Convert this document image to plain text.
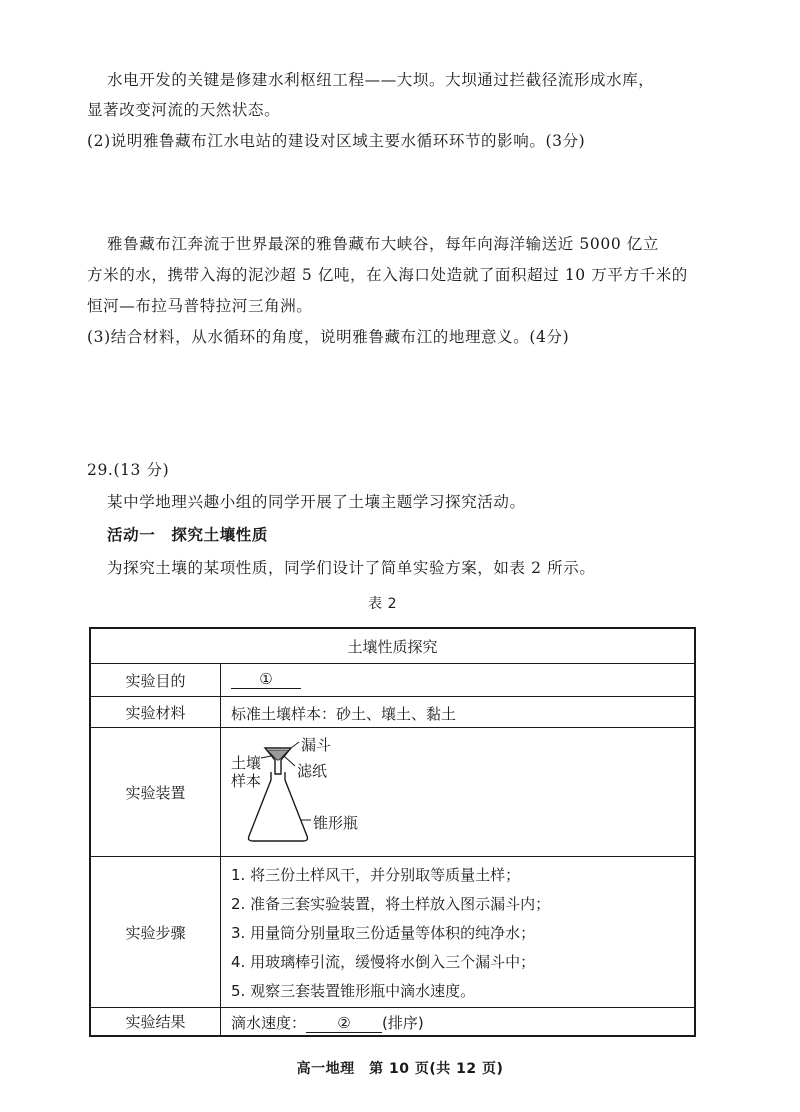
水电开发的关键是修建水利枢纽工程——大坝。大坝通过拦截径流形成水库，
显著改变河流的天然状态。
(2)说明雅鲁藏布江水电站的建设对区域主要水循环环节的影响。(3分)
雅鲁藏布江奔流于世界最深的雅鲁藏布大峡谷，每年向海洋输送近 5000 亿立
方米的水，携带入海的泥沙超 5 亿吨，在入海口处造就了面积超过 10 万平方千米的
恒河—布拉马普特拉河三角洲。
(3)结合材料，从水循环的角度，说明雅鲁藏布江的地理意义。(4分)
29.(13 分)
某中学地理兴趣小组的同学开展了土壤主题学习探究活动。
活动一　探究土壤性质
为探究土壤的某项性质，同学们设计了简单实验方案，如表 2 所示。
表 2
土壤性质探究
实验目的	①
实验材料	标准土壤样本：砂土、壤土、黏土
实验装置
土壤
样本
漏斗
滤纸
锥形瓶
实验步骤
1. 将三份土样风干，并分别取等质量土样；
2. 准备三套实验装置，将土样放入图示漏斗内；
3. 用量筒分别量取三份适量等体积的纯净水；
4. 用玻璃棒引流，缓慢将水倒入三个漏斗中；
5. 观察三套装置锥形瓶中滴水速度。
实验结果	滴水速度： ② (排序)
高一地理　第 10 页(共 12 页)
